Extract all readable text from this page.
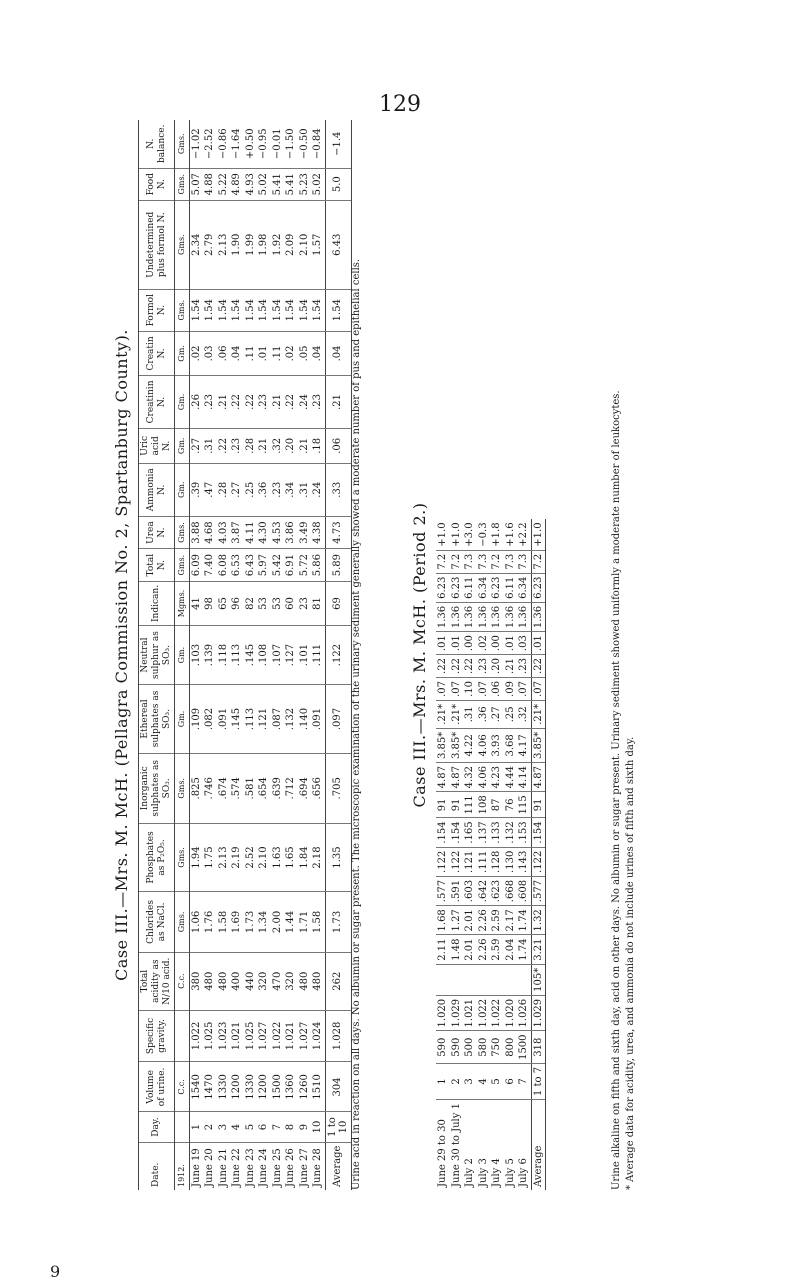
129
Case III.—Mrs. M. McH. (Pellagra Commission No. 2, Spartanburg County).
Date.	Day.	Volume of urine.	Specific gravity.	Total acidity as N/10 acid.	Chlorides as NaCl.	Phosphates as P₂O₅.	Inorganic sulphates as SO₃.	Ethereal sulphates as SO₃.	Neutral sulphur as SO₃.	Indican.	Total N.	Urea N.	Ammonia N.	Uric acid N.	Creatinin N.	Creatin N.	Formol N.	Undetermined plus formol N.	Food N.	N. balance.
1912.		C.c.		C.c.	Gms.	Gms.	Gms.	Gm.	Gm.	Mgms.	Gms.	Gms.	Gm.	Gm.	Gm.	Gm.	Gms.	Gms.	Gms.	Gms.
June 19	1	1540	1.022	380	1.06	1.94	.825	.109	.103	41	6.09	3.88	.39	.27	.26	.02	1.54	2.34	5.07	−1.02
June 20	2	1470	1.025	480	1.76	1.75	.746	.082	.139	98	7.40	4.68	.47	.31	.23	.03	1.54	2.79	4.88	−2.52
June 21	3	1330	1.023	480	1.58	2.13	.674	.091	.118	65	6.08	4.03	.28	.22	.21	.06	1.54	2.13	5.22	−0.86
June 22	4	1200	1.021	400	1.69	2.19	.574	.145	.113	96	6.53	3.87	.27	.23	.22	.04	1.54	1.90	4.89	−1.64
June 23	5	1330	1.025	440	1.73	2.52	.581	.113	.145	82	6.43	4.11	.25	.28	.22	.11	1.54	1.99	4.93	+0.50
June 24	6	1200	1.027	320	1.34	2.10	.654	.121	.108	53	5.97	4.30	.36	.21	.23	.01	1.54	1.98	5.02	−0.95
June 25	7	1500	1.022	470	2.00	1.63	.639	.087	.107	53	5.42	4.53	.23	.32	.21	.11	1.54	1.92	5.41	−0.01
June 26	8	1360	1.021	320	1.44	1.65	.712	.132	.127	60	6.91	3.86	.34	.20	.22	.02	1.54	2.09	5.41	−1.50
June 27	9	1260	1.027	480	1.71	1.84	.694	.140	.101	23	5.72	3.49	.31	.21	.24	.05	1.54	2.10	5.23	−0.50
June 28	10	1510	1.024	480	1.58	2.18	.656	.091	.111	81	5.86	4.38	.24	.18	.23	.04	1.54	1.57	5.02	−0.84
Average	1 to 10	304	1.028	262	1.73	1.35	.705	.097	.122	69	5.89	4.73	.33	.06	.21	.04	1.54	6.43	5.0	−1.4
Urine acid in reaction on all days. No albumin or sugar present. The microscopic examination of the urinary sediment generally showed a moderate number of pus and epithelial cells.	Case III.—Mrs. M. McH. (Period 2.)
June 29 to 30	1	590	1.020		2.11	1.68	.577	.122	.154	91	4.87	3.85*	.21*	.07	.22	.01	1.36	6.23	7.2	+1.0
June 30 to July 1	2	590	1.029		1.48	1.27	.591	.122	.154	91	4.87	3.85*	.21*	.07	.22	.01	1.36	6.23	7.2	+1.0
July 2	3	500	1.021		2.01	2.01	.603	.121	.165	111	4.32	4.22	.31	.10	.22	.00	1.36	6.11	7.3	+3.0
July 3	4	580	1.022		2.26	2.26	.642	.111	.137	108	4.06	4.06	.36	.07	.23	.02	1.36	6.34	7.3	−0.3
July 4	5	750	1.022		2.59	2.59	.623	.128	.133	87	4.23	3.93	.27	.06	.20	.00	1.36	6.23	7.2	+1.8
July 5	6	800	1.020		2.04	2.17	.668	.130	.132	76	4.44	3.68	.25	.09	.21	.01	1.36	6.11	7.3	+1.6
July 6	7	1500	1.026		1.74	1.74	.608	.143	.153	115	4.14	4.17	.32	.07	.23	.03	1.36	6.34	7.3	+2.2
Average	1 to 7	318	1.029	105*	3.21	1.32	.577	.122	.154	91	4.87	3.85*	.21*	.07	.22	.01	1.36	6.23	7.2	+1.0	Urine alkaline on fifth and sixth day, acid on other days. No albumin or sugar present. Urinary sediment showed uniformly a moderate number of leukocytes. * Average data for acidity, urea, and ammonia do not include urines of fifth and sixth day.
9
